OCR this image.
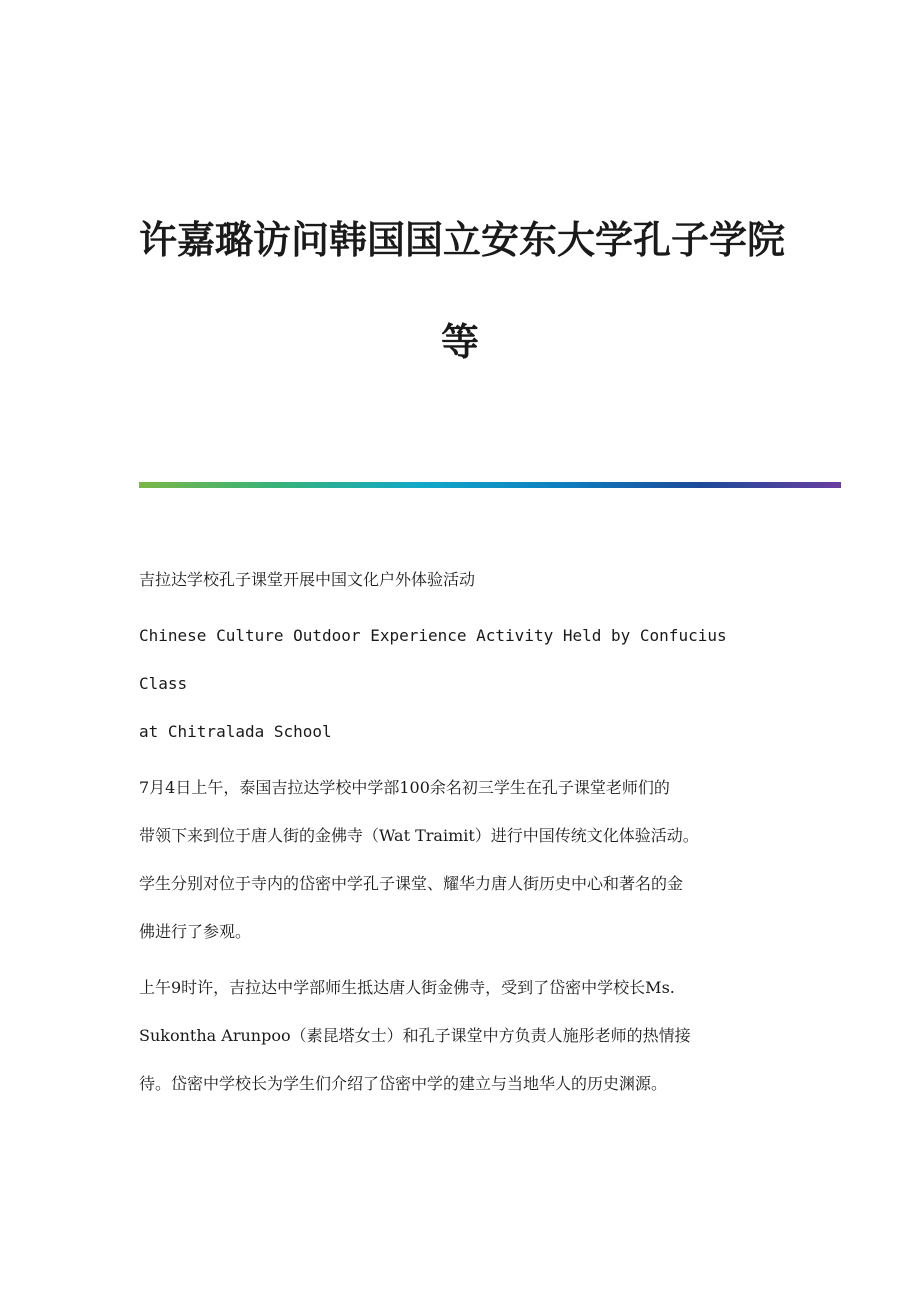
许嘉璐访问韩国国立安东大学孔子学院
等

吉拉达学校孔子课堂开展中国文化户外体验活动

Chinese Culture Outdoor Experience Activity Held by Confucius Class

at Chitralada School

7月4日上午，泰国吉拉达学校中学部100余名初三学生在孔子课堂老师们的

带领下来到位于唐人街的金佛寺（Wat Traimit）进行中国传统文化体验活动。

学生分别对位于寺内的岱密中学孔子课堂、耀华力唐人街历史中心和著名的金

佛进行了参观。

上午9时许，吉拉达中学部师生抵达唐人街金佛寺，受到了岱密中学校长Ms.

Sukontha Arunpoo（素昆塔女士）和孔子课堂中方负责人施彤老师的热情接

待。岱密中学校长为学生们介绍了岱密中学的建立与当地华人的历史渊源。
